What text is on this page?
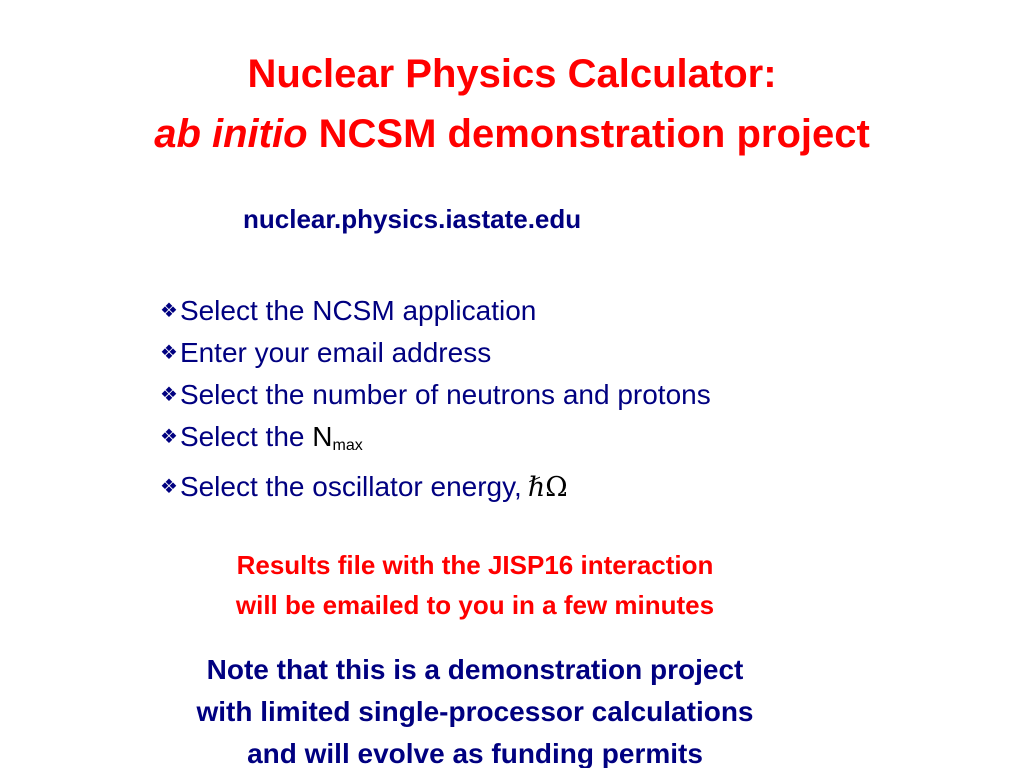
Nuclear Physics Calculator:
ab initio NCSM demonstration project
nuclear.physics.iastate.edu
❖Select the NCSM application
❖Enter your email address
❖Select the number of neutrons and protons
❖Select the $N_{max}$
❖Select the oscillator energy, ℏΩ
Results file with the JISP16 interaction
will be emailed to you in a few minutes
Note that this is a demonstration project
with limited single-processor calculations
and will evolve as funding permits
